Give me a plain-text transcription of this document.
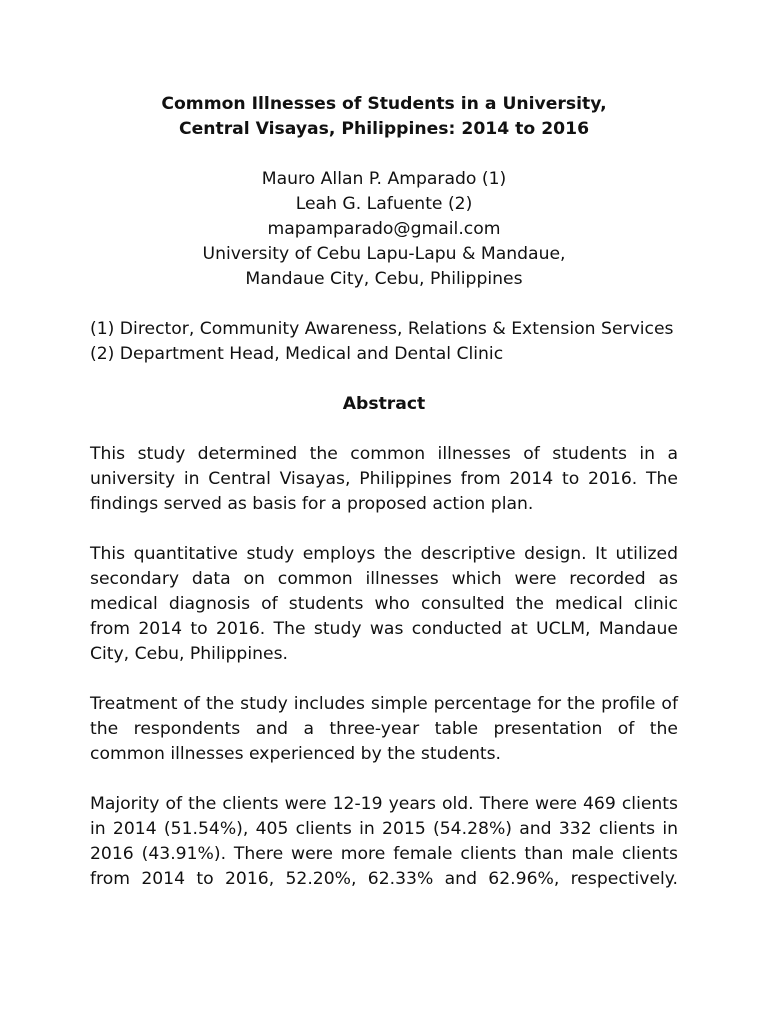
Common Illnesses of Students in a University,
Central Visayas, Philippines: 2014 to 2016
Mauro Allan P. Amparado (1)
Leah G. Lafuente (2)
mapamparado@gmail.com
University of Cebu Lapu-Lapu & Mandaue,
Mandaue City, Cebu, Philippines
(1) Director, Community Awareness, Relations & Extension Services
(2) Department Head, Medical and Dental Clinic
Abstract

This study determined the common illnesses of students in a university in Central Visayas, Philippines from 2014 to 2016. The findings served as basis for a proposed action plan.

This quantitative study employs the descriptive design. It utilized secondary data on common illnesses which were recorded as medical diagnosis of students who consulted the medical clinic from 2014 to 2016. The study was conducted at UCLM, Mandaue City, Cebu, Philippines.

Treatment of the study includes simple percentage for the profile of the respondents and a three-year table presentation of the common illnesses experienced by the students.

Majority of the clients were 12-19 years old. There were 469 clients in 2014 (51.54%), 405 clients in 2015 (54.28%) and 332 clients in 2016 (43.91%). There were more female clients than male clients from 2014 to 2016, 52.20%, 62.33% and 62.96%, respectively.
